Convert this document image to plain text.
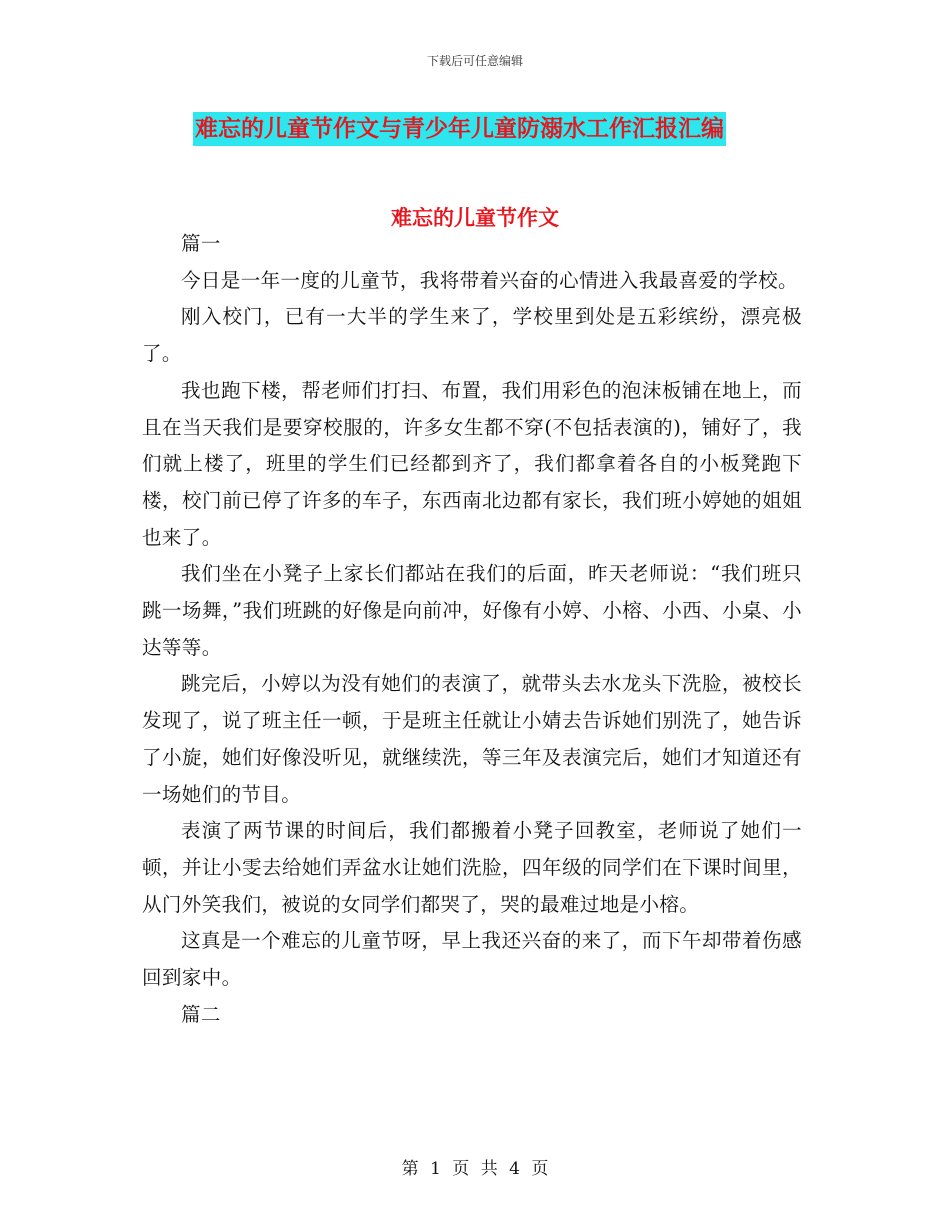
下载后可任意编辑
难忘的儿童节作文与青少年儿童防溺水工作汇报汇编
难忘的儿童节作文

篇一

今日是一年一度的儿童节，我将带着兴奋的心情进入我最喜爱的学校。

刚入校门，已有一大半的学生来了，学校里到处是五彩缤纷，漂亮极了。

我也跑下楼，帮老师们打扫、布置，我们用彩色的泡沫板铺在地上，而且在当天我们是要穿校服的，许多女生都不穿(不包括表演的)，铺好了，我们就上楼了，班里的学生们已经都到齐了，我们都拿着各自的小板凳跑下楼，校门前已停了许多的车子，东西南北边都有家长，我们班小婷她的姐姐也来了。

我们坐在小凳子上家长们都站在我们的后面，昨天老师说：“我们班只跳一场舞，”我们班跳的好像是向前冲，好像有小婷、小榕、小西、小桌、小达等等。

跳完后，小婷以为没有她们的表演了，就带头去水龙头下洗脸，被校长发现了，说了班主任一顿，于是班主任就让小婧去告诉她们别洗了，她告诉了小旋，她们好像没听见，就继续洗，等三年及表演完后，她们才知道还有一场她们的节目。

表演了两节课的时间后，我们都搬着小凳子回教室，老师说了她们一顿，并让小雯去给她们弄盆水让她们洗脸，四年级的同学们在下课时间里，从门外笑我们，被说的女同学们都哭了，哭的最难过地是小榕。

这真是一个难忘的儿童节呀，早上我还兴奋的来了，而下午却带着伤感回到家中。

篇二

第 1 页 共 4 页
